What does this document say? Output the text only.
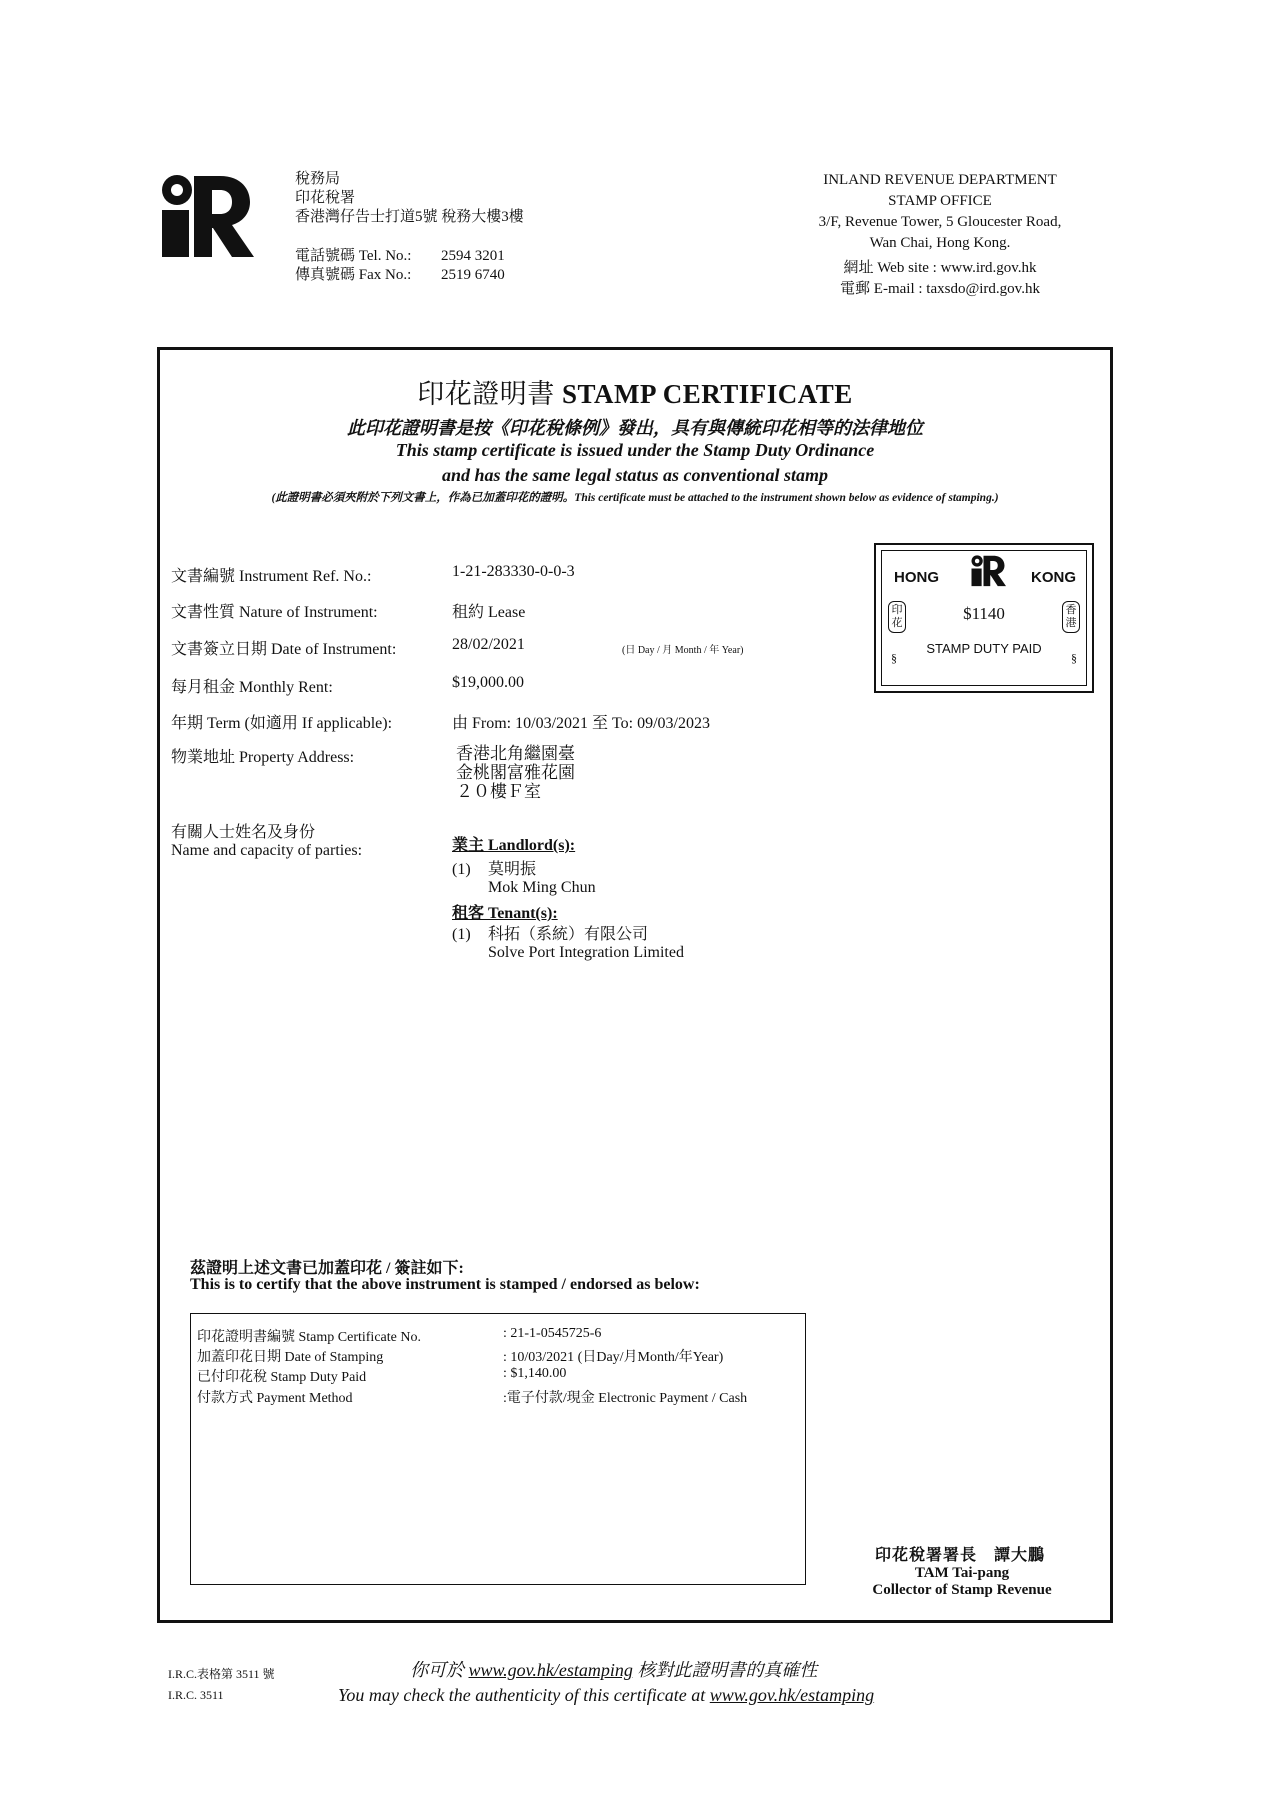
稅務局
印花稅署
香港灣仔告士打道5號 稅務大樓3樓
電話號碼 Tel. No.:	2594 3201
傳真號碼 Fax No.:	2519 6740
INLAND REVENUE DEPARTMENT
STAMP OFFICE
3/F, Revenue Tower, 5 Gloucester Road,
Wan Chai, Hong Kong.
網址 Web site : www.ird.gov.hk
電郵 E-mail : taxsdo@ird.gov.hk
印花證明書 STAMP CERTIFICATE
此印花證明書是按《印花稅條例》發出，具有與傳統印花相等的法律地位
This stamp certificate is issued under the Stamp Duty Ordinance
and has the same legal status as conventional stamp
(此證明書必須夾附於下列文書上，作為已加蓋印花的證明。This certificate must be attached to the instrument shown below as evidence of stamping.)
文書編號 Instrument Ref. No.:	1-21-283330-0-0-3
文書性質 Nature of Instrument:	租約 Lease
文書簽立日期 Date of Instrument:	28/02/2021	(日 Day / 月 Month / 年 Year)
每月租金 Monthly Rent:	$19,000.00
年期 Term (如適用 If applicable):	由 From: 10/03/2021 至 To: 09/03/2023
物業地址 Property Address:	香港北角繼園臺
金桃閣富雅花園
２０樓Ｆ室
有關人士姓名及身份
Name and capacity of parties:	業主 Landlord(s):
(1) 莫明振
Mok Ming Chun
租客 Tenant(s):
(1) 科拓（系統）有限公司
Solve Port Integration Limited
HONG	KONG
印花
香港
$1140
STAMP DUTY PAID
§	§
茲證明上述文書已加蓋印花 / 簽註如下:
This is to certify that the above instrument is stamped / endorsed as below:
印花證明書編號 Stamp Certificate No.	: 21-1-0545725-6
加蓋印花日期 Date of Stamping	: 10/03/2021 (日Day/月Month/年Year)
已付印花稅 Stamp Duty Paid	: $1,140.00
付款方式 Payment Method	:電子付款/現金 Electronic Payment / Cash
印花稅署署長　譚大鵬
TAM Tai-pang
Collector of Stamp Revenue
I.R.C.表格第 3511 號
I.R.C. 3511
你可於 www.gov.hk/estamping 核對此證明書的真確性
You may check the authenticity of this certificate at www.gov.hk/estamping
